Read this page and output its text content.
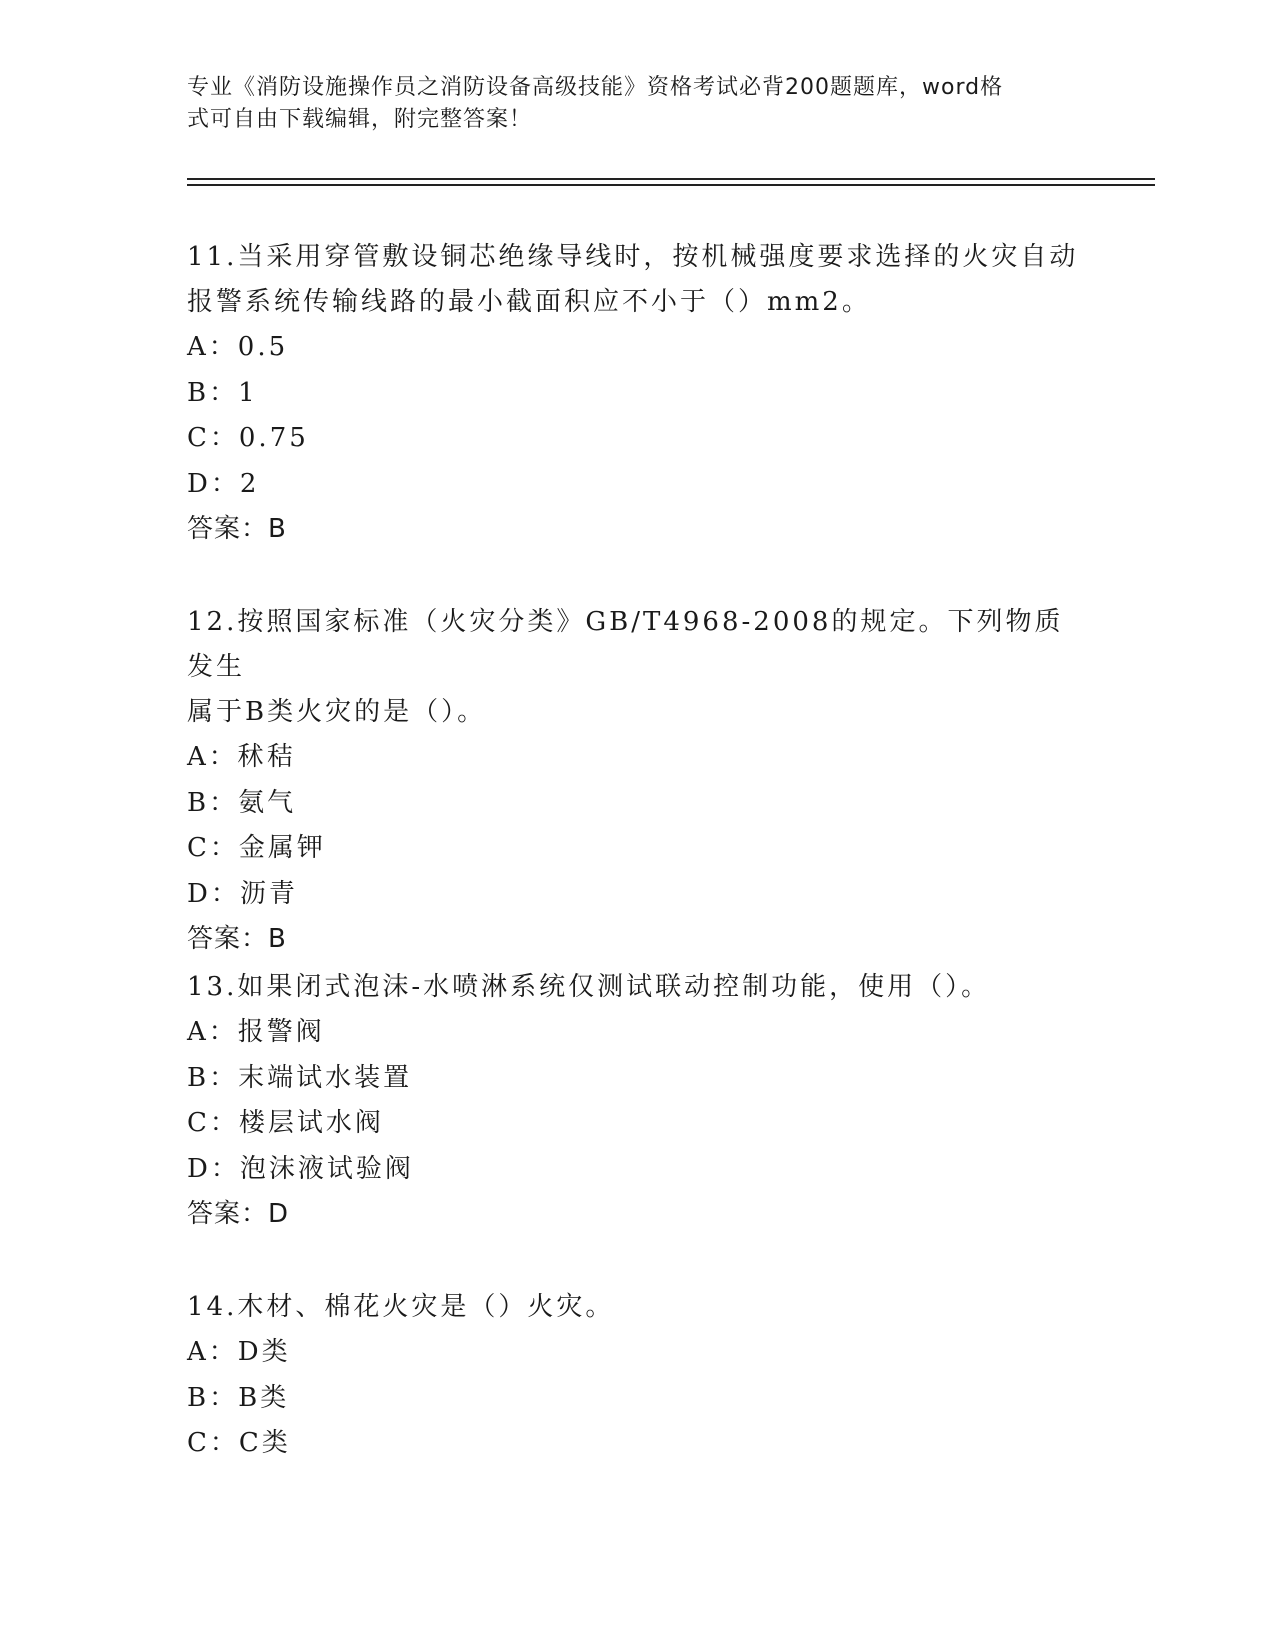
专业《消防设施操作员之消防设备高级技能》资格考试必背200题题库，word格
式可自由下载编辑，附完整答案！

11.当采用穿管敷设铜芯绝缘导线时，按机械强度要求选择的火灾自动

报警系统传输线路的最小截面积应不小于（）mm2。

A：0.5

B：1

C：0.75

D：2

答案：B

12.按照国家标准（火灾分类》GB/T4968-2008的规定。下列物质发生

属于B类火灾的是（）。

A：秫秸

B：氨气

C：金属钾

D：沥青

答案：B

13.如果闭式泡沫-水喷淋系统仅测试联动控制功能，使用（）。

A：报警阀

B：末端试水装置

C：楼层试水阀

D：泡沫液试验阀

答案：D

14.木材、棉花火灾是（）火灾。

A：D类

B：B类

C：C类
